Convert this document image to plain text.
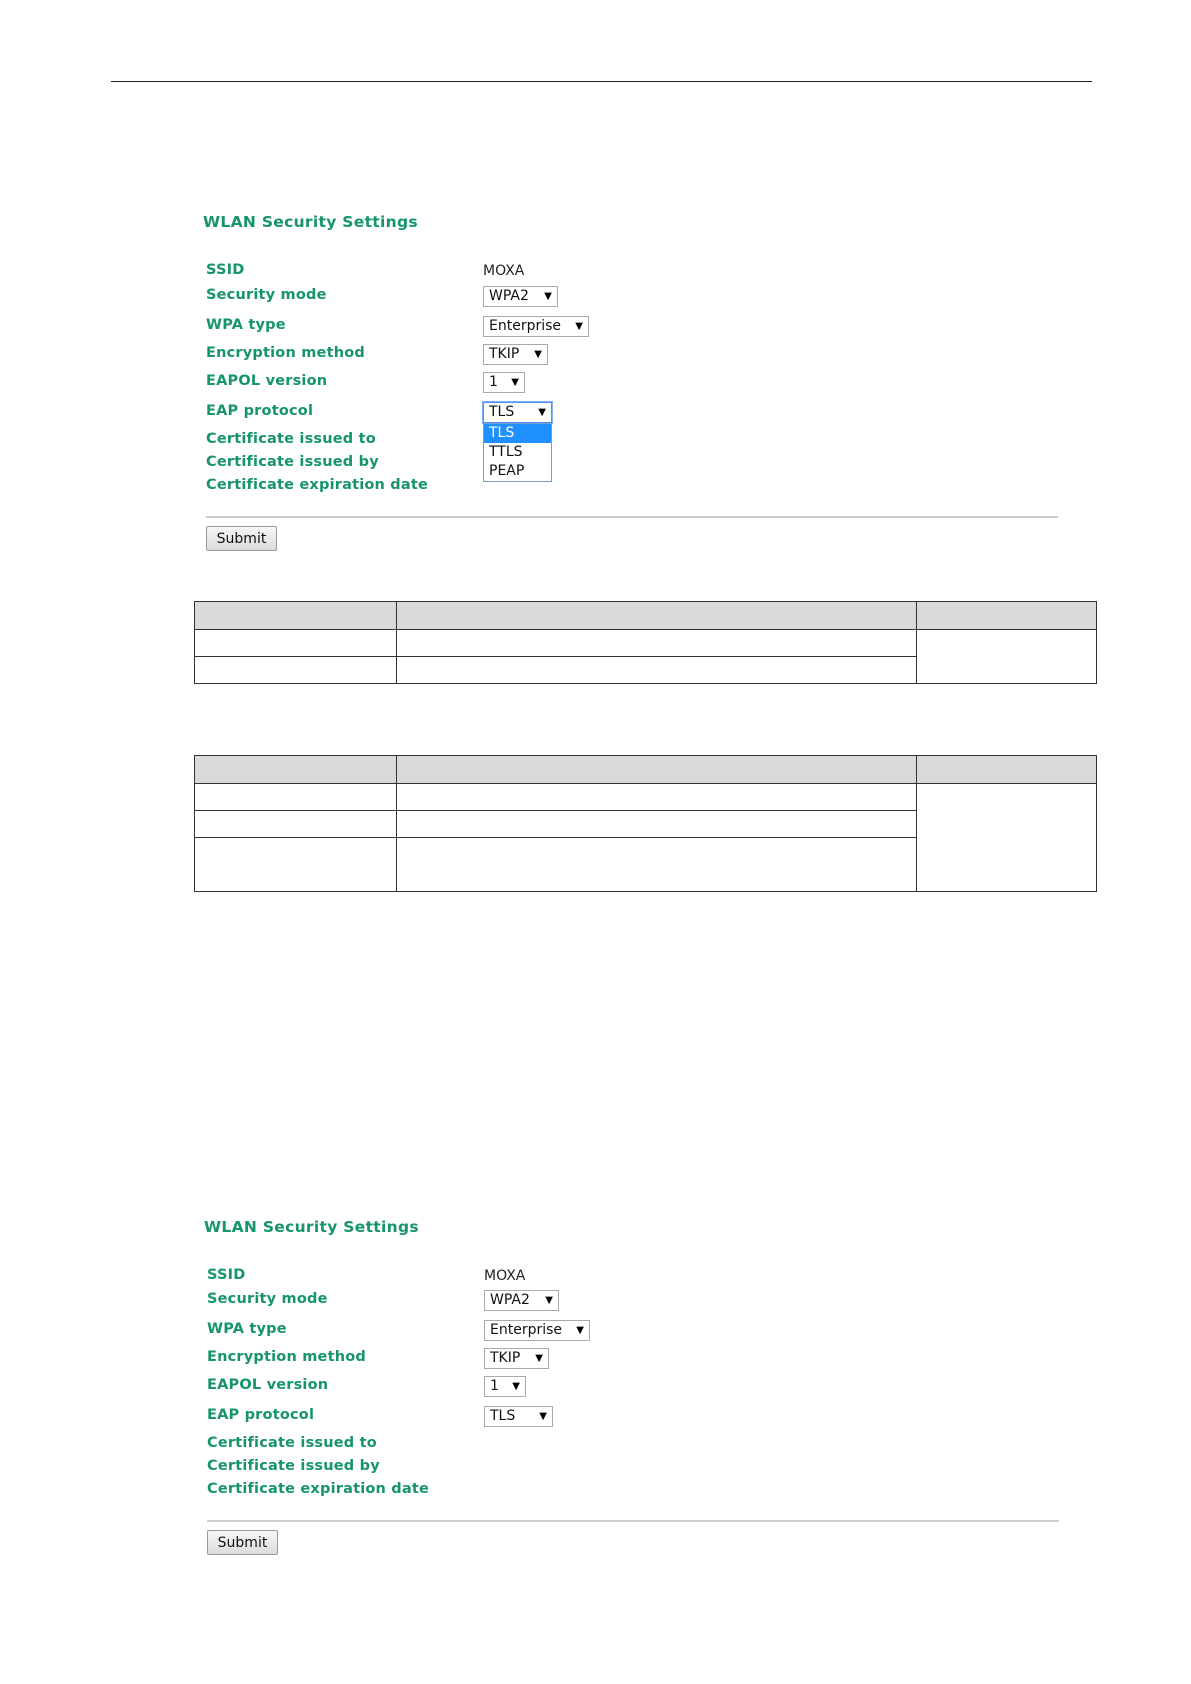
WLAN Security Settings
SSID	MOXA
Security mode	WPA2 ▼
WPA type	Enterprise ▼
Encryption method	TKIP ▼
EAPOL version	1 ▼
EAP protocol	TLS ▼
TLS
TTLS
PEAP
Certificate issued to
Certificate issued by
Certificate expiration date
Submit

WLAN Security Settings
SSID	MOXA
Security mode	WPA2 ▼
WPA type	Enterprise ▼
Encryption method	TKIP ▼
EAPOL version	1 ▼
EAP protocol	TLS ▼
Certificate issued to
Certificate issued by
Certificate expiration date
Submit
